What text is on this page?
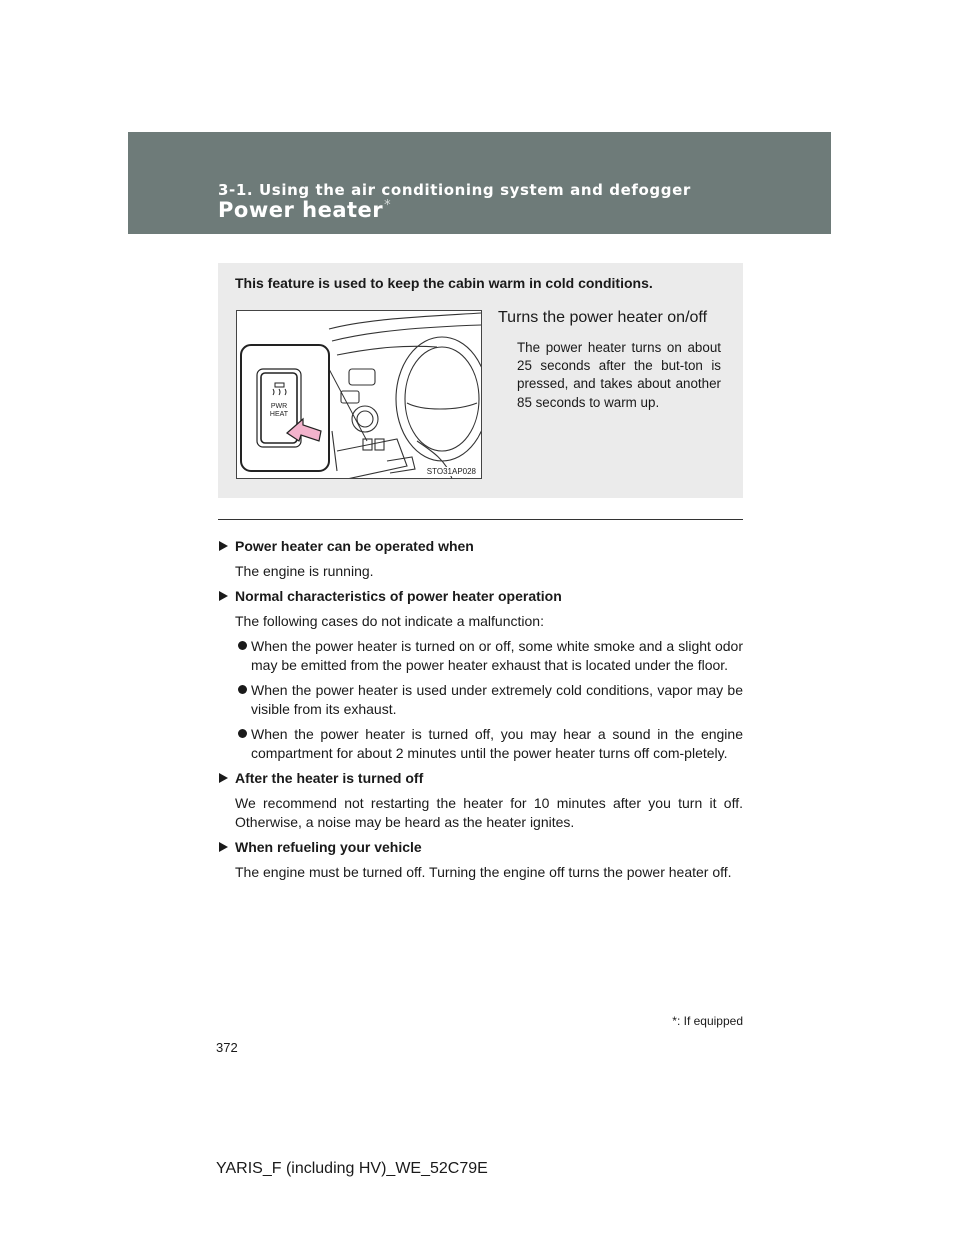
3-1. Using the air conditioning system and defogger
Power heater*
This feature is used to keep the cabin warm in cold conditions.
PWR
HEAT
STO31AP028
Turns the power heater on/off
The power heater turns on about 25 seconds after the but-ton is pressed, and takes about another 85 seconds to warm up.
Power heater can be operated when
The engine is running.
Normal characteristics of power heater operation
The following cases do not indicate a malfunction:
When the power heater is turned on or off, some white smoke and a slight odor may be emitted from the power heater exhaust that is located under the floor.
When the power heater is used under extremely cold conditions, vapor may be visible from its exhaust.
When the power heater is turned off, you may hear a sound in the engine compartment for about 2 minutes until the power heater turns off com-pletely.
After the heater is turned off
We recommend not restarting the heater for 10 minutes after you turn it off. Otherwise, a noise may be heard as the heater ignites.
When refueling your vehicle
The engine must be turned off. Turning the engine off turns the power heater off.
*: If equipped
372
YARIS_F (including HV)_WE_52C79E
